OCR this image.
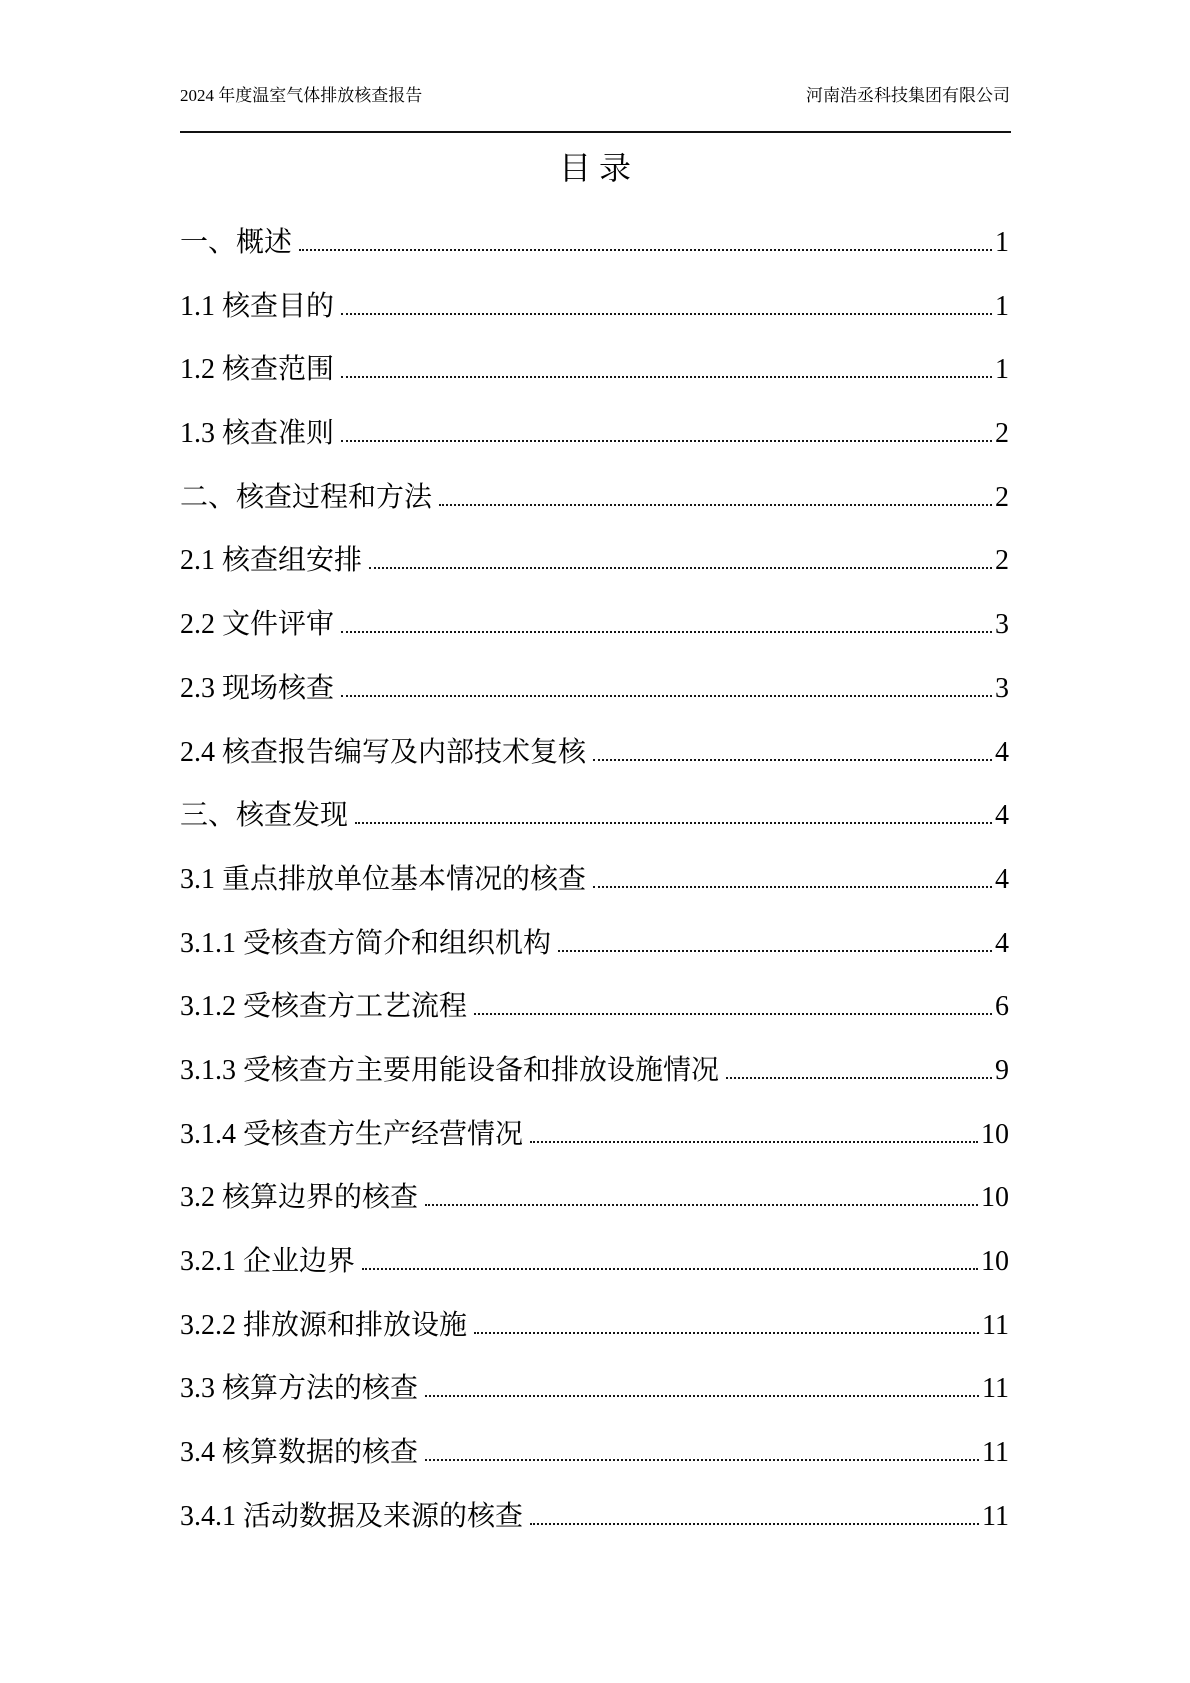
2024 年度温室气体排放核查报告	河南浩丞科技集团有限公司
目 录
一、概述	1
1.1 核查目的	1
1.2 核查范围	1
1.3 核查准则	2
二、核查过程和方法	2
2.1 核查组安排	2
2.2 文件评审	3
2.3 现场核查	3
2.4 核查报告编写及内部技术复核	4
三、核查发现	4
3.1 重点排放单位基本情况的核查	4
3.1.1 受核查方简介和组织机构	4
3.1.2 受核查方工艺流程	6
3.1.3 受核查方主要用能设备和排放设施情况	9
3.1.4 受核查方生产经营情况	10
3.2 核算边界的核查	10
3.2.1 企业边界	10
3.2.2 排放源和排放设施	11
3.3 核算方法的核查	11
3.4 核算数据的核查	11
3.4.1 活动数据及来源的核查	11
